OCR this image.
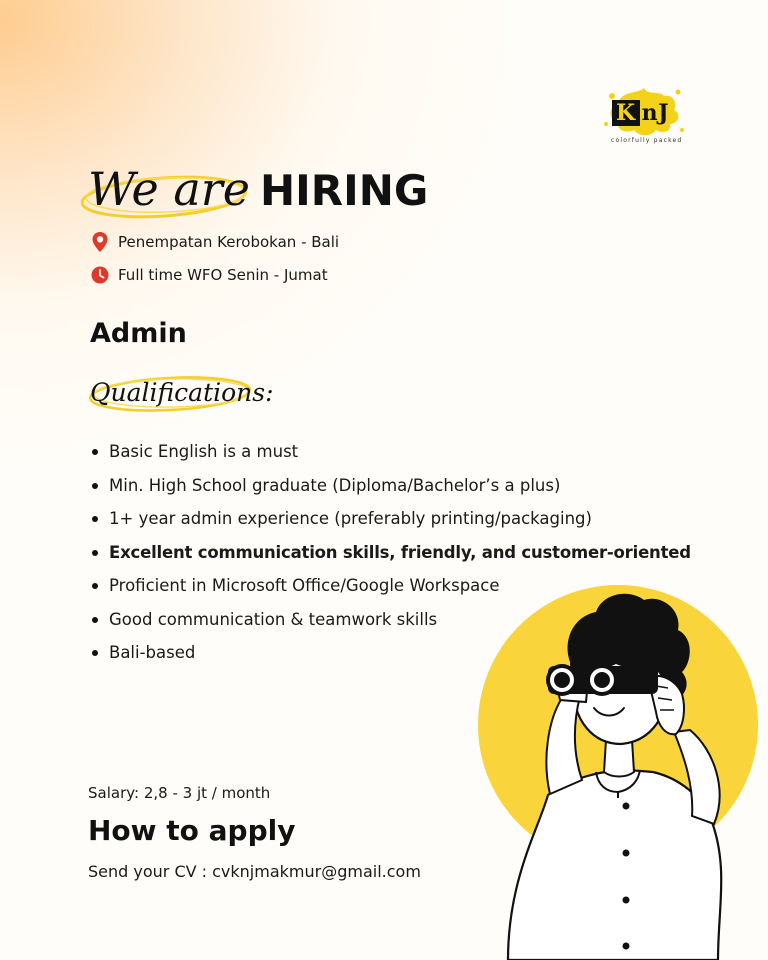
K nJ
colorfully packed
We are HIRING
Penempatan Kerobokan - Bali
Full time WFO Senin - Jumat
Admin
Qualifications:
Basic English is a must
Min. High School graduate (Diploma/Bachelor’s a plus)
1+ year admin experience (preferably printing/packaging)
Excellent communication skills, friendly, and customer-oriented
Proficient in Microsoft Office/Google Workspace
Good communication & teamwork skills
Bali-based
Salary: 2,8 - 3 jt / month
How to apply
Send your CV : cvknjmakmur@gmail.com
